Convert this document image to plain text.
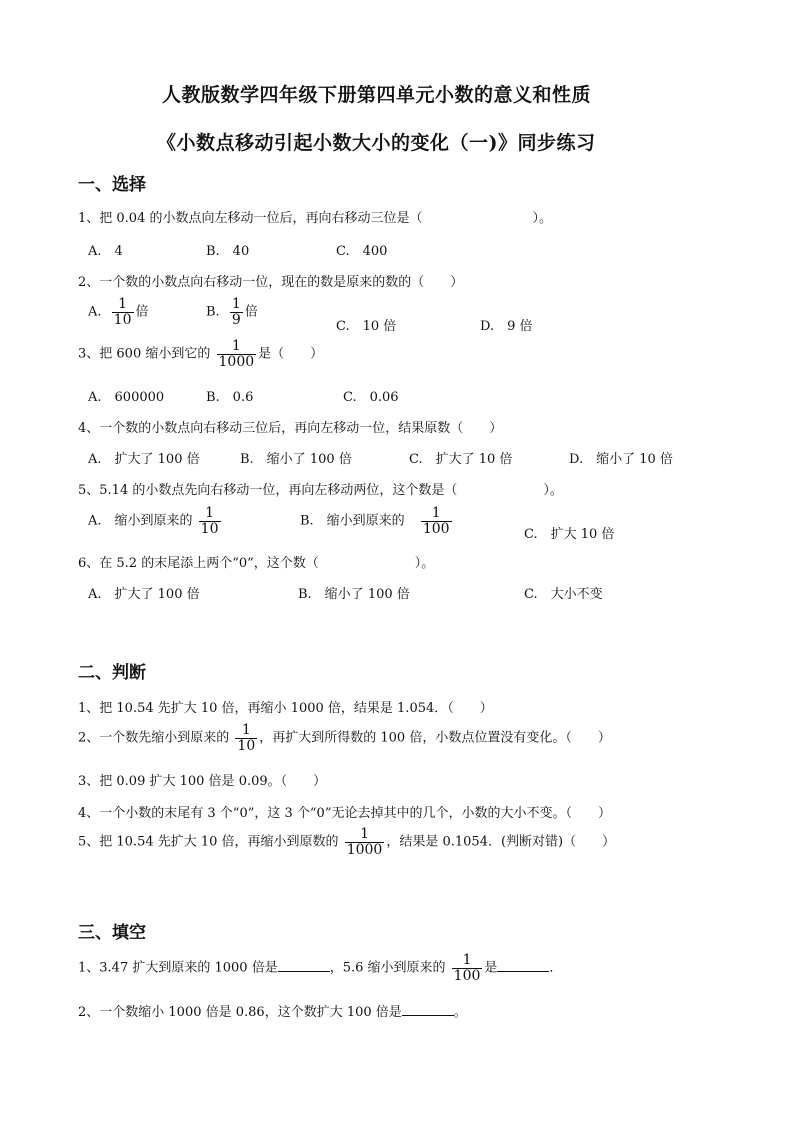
人教版数学四年级下册第四单元小数的意义和性质
《小数点移动引起小数大小的变化（一)》同步练习
一、选择
1、把 0.04 的小数点向左移动一位后，再向右移动三位是（	）。
A.　4	B.　40	C.　400
2、一个数的小数点向右移动一位，现在的数是原来的数的（　　）
A. $\frac{1}{10}$ 倍	B. $\frac{1}{9}$ 倍
C.　10 倍	D.　9 倍
3、把 600 缩小到它的 $\frac{1}{1000}$ 是（　　）
A.　600000	B.　0.6	C.　0.06
4、一个数的小数点向右移动三位后，再向左移动一位，结果原数（　　）
A.　扩大了 100 倍	B.　缩小了 100 倍	C.　扩大了 10 倍	D.　缩小了 10 倍
5、5.14 的小数点先向右移动一位，再向左移动两位，这个数是（	）。
A.　缩小到原来的 $\frac{1}{10}$	B.　缩小到原来的 $\frac{1}{100}$	C.　扩大 10 倍
6、在 5.2 的末尾添上两个“0”，这个数（	）。
A.　扩大了 100 倍	B.　缩小了 100 倍	C.　大小不变
二、判断
1、把 10.54 先扩大 10 倍，再缩小 1000 倍，结果是 1.054．（　　）
2、一个数先缩小到原来的 $\frac{1}{10}$ ，再扩大到所得数的 100 倍，小数点位置没有变化。（　　）
3、把 0.09 扩大 100 倍是 0.09。（　　）
4、一个小数的末尾有 3 个“0”，这 3 个“0”无论去掉其中的几个，小数的大小不变。（　　）
5、把 10.54 先扩大 10 倍，再缩小到原数的 $\frac{1}{1000}$ ，结果是 0.1054．(判断对错)（　　）
三、填空
1、3.47 扩大到原来的 1000 倍是	，5.6 缩小到原来的 $\frac{1}{100}$ 是	．
2、一个数缩小 1000 倍是 0.86，这个数扩大 100 倍是	。
